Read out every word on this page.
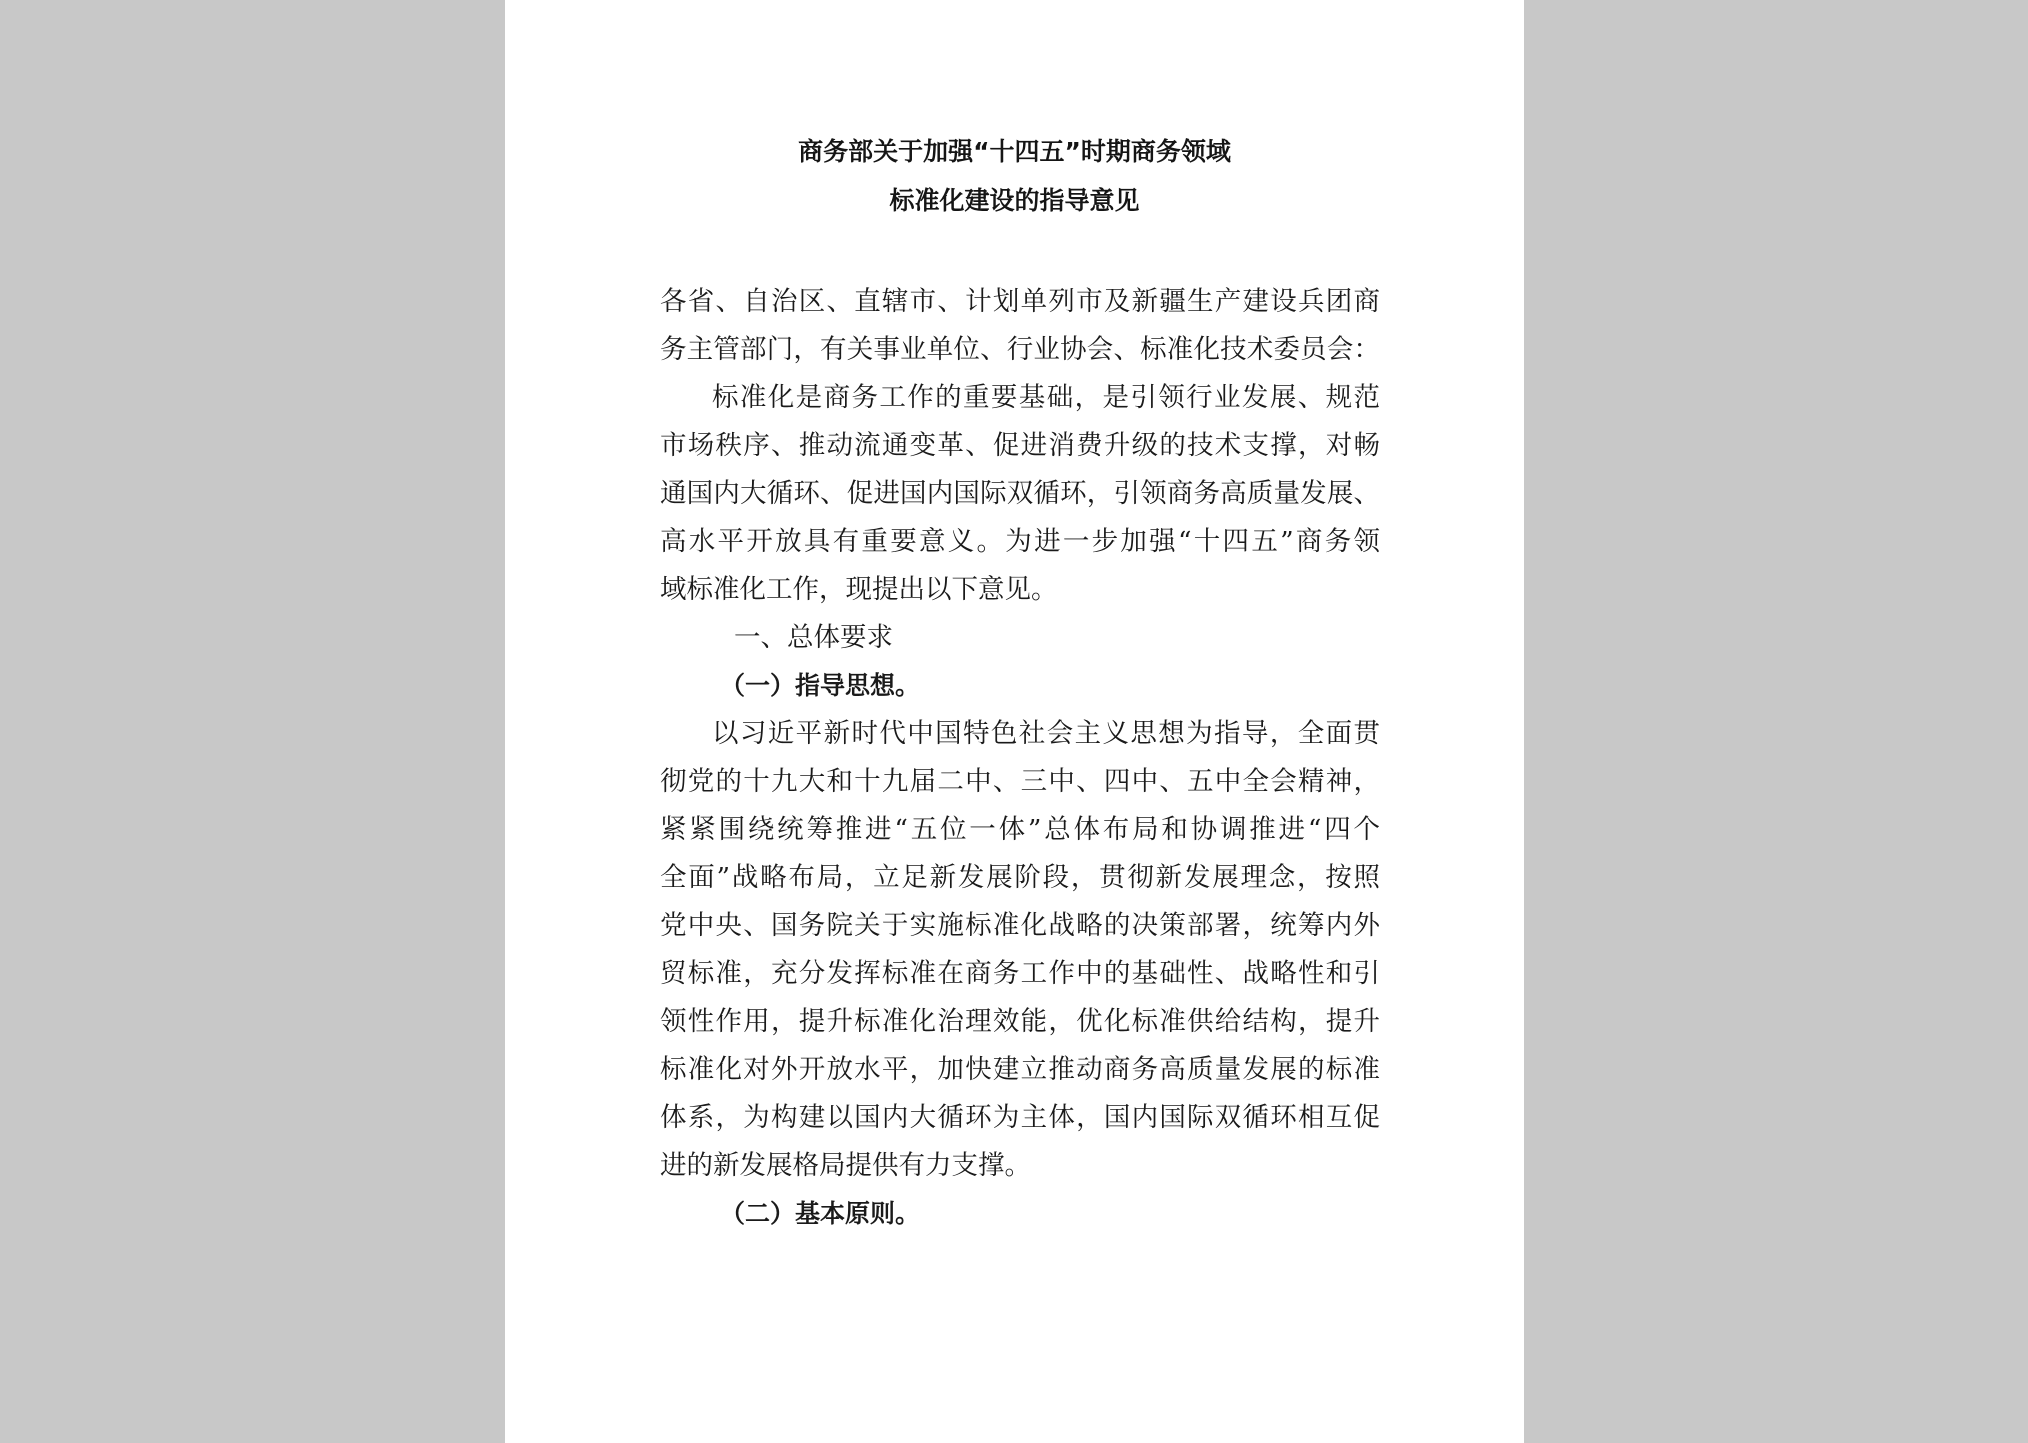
商务部关于加强“十四五”时期商务领域
标准化建设的指导意见
各省、自治区、直辖市、计划单列市及新疆生产建设兵团商
务主管部门，有关事业单位、行业协会、标准化技术委员会：
标准化是商务工作的重要基础，是引领行业发展、规范
市场秩序、推动流通变革、促进消费升级的技术支撑，对畅
通国内大循环、促进国内国际双循环，引领商务高质量发展、
高水平开放具有重要意义。为进一步加强“十四五”商务领
域标准化工作，现提出以下意见。
一、总体要求
（一）指导思想。
以习近平新时代中国特色社会主义思想为指导，全面贯
彻党的十九大和十九届二中、三中、四中、五中全会精神，
紧紧围绕统筹推进“五位一体”总体布局和协调推进“四个
全面”战略布局，立足新发展阶段，贯彻新发展理念，按照
党中央、国务院关于实施标准化战略的决策部署，统筹内外
贸标准，充分发挥标准在商务工作中的基础性、战略性和引
领性作用，提升标准化治理效能，优化标准供给结构，提升
标准化对外开放水平，加快建立推动商务高质量发展的标准
体系，为构建以国内大循环为主体，国内国际双循环相互促
进的新发展格局提供有力支撑。
（二）基本原则。
